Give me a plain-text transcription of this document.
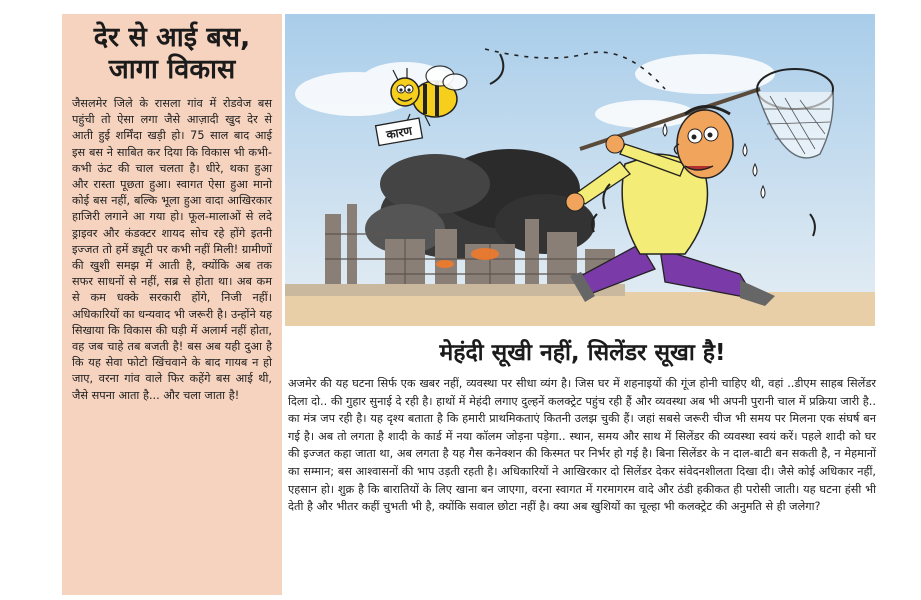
देर से आई बस,
जागा विकास

जैसलमेर जिले के रासला गांव में रोडवेज बस पहुंची तो ऐसा लगा जैसे आज़ादी खुद देर से आती हुई शर्मिंदा खड़ी हो। 75 साल बाद आई इस बस ने साबित कर दिया कि विकास भी कभी-कभी ऊंट की चाल चलता है। धीरे, थका हुआ और रास्ता पूछता हुआ। स्वागत ऐसा हुआ मानो कोई बस नहीं, बल्कि भूला हुआ वादा आखिरकार हाजिरी लगाने आ गया हो। फूल-मालाओं से लदे ड्राइवर और कंडक्टर शायद सोच रहे होंगे इतनी इज्जत तो हमें ड्यूटी पर कभी नहीं मिली! ग्रामीणों की खुशी समझ में आती है, क्योंकि अब तक सफर साधनों से नहीं, सब्र से होता था। अब कम से कम धक्के सरकारी होंगे, निजी नहीं। अधिकारियों का धन्यवाद भी जरूरी है। उन्होंने यह सिखाया कि विकास की घड़ी में अलार्म नहीं होता, वह जब चाहे तब बजती है! बस अब यही दुआ है कि यह सेवा फोटो खिंचवाने के बाद गायब न हो जाए, वरना गांव वाले फिर कहेंगे बस आई थी, जैसे सपना आता है... और चला जाता है!

कारण
मेहंदी सूखी नहीं, सिलेंडर सूखा है!

अजमेर की यह घटना सिर्फ एक खबर नहीं, व्यवस्था पर सीधा व्यंग है। जिस घर में शहनाइयों की गूंज होनी चाहिए थी, वहां ..डीएम साहब सिलेंडर दिला दो.. की गुहार सुनाई दे रही है। हाथों में मेहंदी लगाए दुल्हनें कलक्ट्रेट पहुंच रही हैं और व्यवस्था अब भी अपनी पुरानी चाल में प्रक्रिया जारी है.. का मंत्र जप रही है। यह दृश्य बताता है कि हमारी प्राथमिकताएं कितनी उलझ चुकी हैं। जहां सबसे जरूरी चीज भी समय पर मिलना एक संघर्ष बन गई है। अब तो लगता है शादी के कार्ड में नया कॉलम जोड़ना पड़ेगा.. स्थान, समय और साथ में सिलेंडर की व्यवस्था स्वयं करें। पहले शादी को घर की इज्जत कहा जाता था, अब लगता है यह गैस कनेक्शन की किस्मत पर निर्भर हो गई है। बिना सिलेंडर के न दाल-बाटी बन सकती है, न मेहमानों का सम्मान; बस आश्वासनों की भाप उड़ती रहती है। अधिकारियों ने आखिरकार दो सिलेंडर देकर संवेदनशीलता दिखा दी। जैसे कोई अधिकार नहीं, एहसान हो। शुक्र है कि बारातियों के लिए खाना बन जाएगा, वरना स्वागत में गरमागरम वादे और ठंडी हकीकत ही परोसी जाती। यह घटना हंसी भी देती है और भीतर कहीं चुभती भी है, क्योंकि सवाल छोटा नहीं है। क्या अब खुशियों का चूल्हा भी कलक्ट्रेट की अनुमति से ही जलेगा?
